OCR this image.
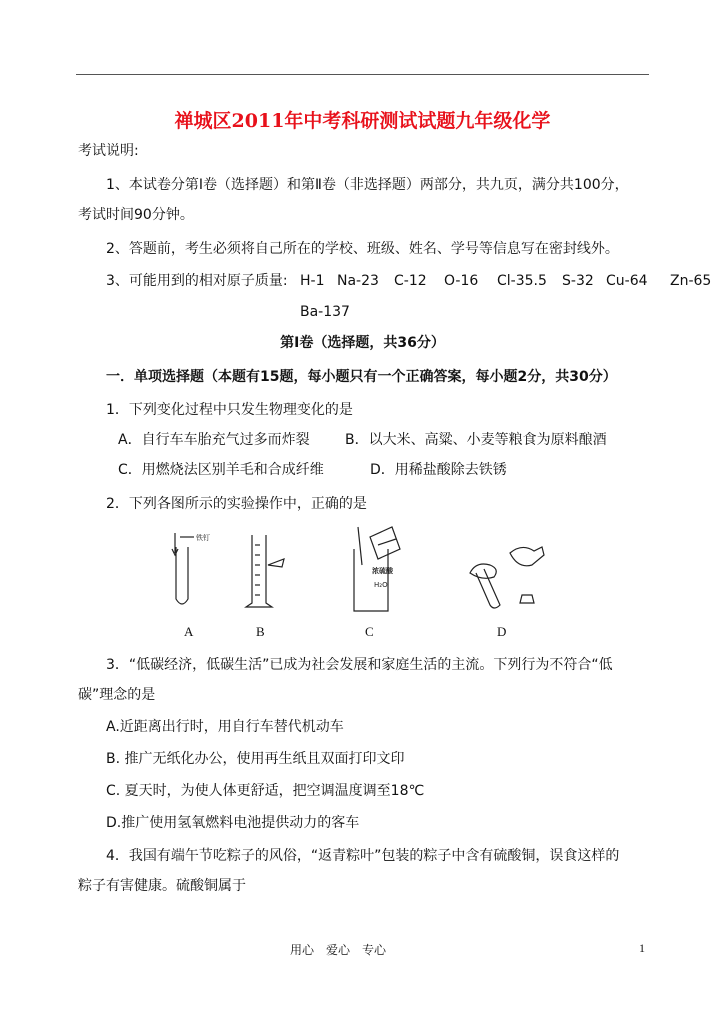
禅城区2011年中考科研测试试题九年级化学
考试说明:
1、本试卷分第Ⅰ卷（选择题）和第Ⅱ卷（非选择题）两部分，共九页，满分共100分，
考试时间90分钟。
2、答题前，考生必须将自己所在的学校、班级、姓名、学号等信息写在密封线外。
3、可能用到的相对原子质量: H-1 Na-23 C-12 O-16 Cl-35.5 S-32 Cu-64 Zn-65
Ba-137
第Ⅰ卷（选择题，共36分）
一．单项选择题（本题有15题，每小题只有一个正确答案，每小题2分，共30分）
1．下列变化过程中只发生物理变化的是
A．自行车车胎充气过多而炸裂	B．以大米、高粱、小麦等粮食为原料酿酒
C．用燃烧法区别羊毛和合成纤维	D．用稀盐酸除去铁锈
2．下列各图所示的实验操作中，正确的是
铁钉
浓硫酸
H₂O
A	B	C	D
3．“低碳经济，低碳生活”已成为社会发展和家庭生活的主流。下列行为不符合“低
碳”理念的是
A.近距离出行时，用自行车替代机动车
B. 推广无纸化办公，使用再生纸且双面打印文印
C. 夏天时，为使人体更舒适，把空调温度调至18℃
D.推广使用氢氧燃料电池提供动力的客车
4．我国有端午节吃粽子的风俗，“返青粽叶”包装的粽子中含有硫酸铜，误食这样的
粽子有害健康。硫酸铜属于
用心　爱心　专心	1
